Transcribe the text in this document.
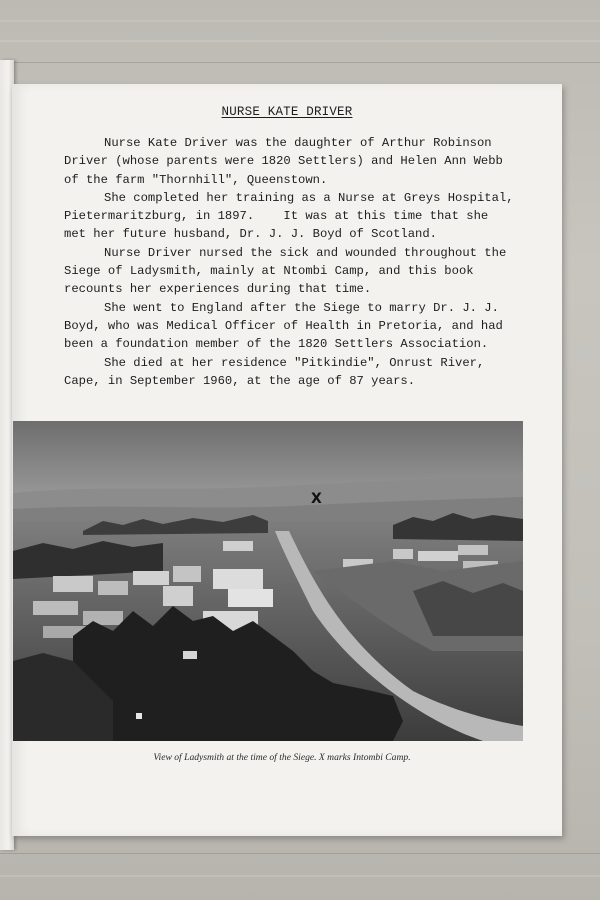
NURSE KATE DRIVER

Nurse Kate Driver was the daughter of Arthur Robinson
Driver (whose parents were 1820 Settlers) and Helen Ann Webb
of the farm "Thornhill", Queenstown.

She completed her training as a Nurse at Greys Hospital,
Pietermaritzburg, in 1897.    It was at this time that she
met her future husband, Dr. J. J. Boyd of Scotland.

Nurse Driver nursed the sick and wounded throughout the
Siege of Ladysmith, mainly at Ntombi Camp, and this book
recounts her experiences during that time.

She went to England after the Siege to marry Dr. J. J.
Boyd, who was Medical Officer of Health in Pretoria, and had
been a foundation member of the 1820 Settlers Association.

She died at her residence "Pitkindie", Onrust River,
Cape, in September 1960, at the age of 87 years.

X
View of Ladysmith at the time of the Siege. X marks Intombi Camp.
